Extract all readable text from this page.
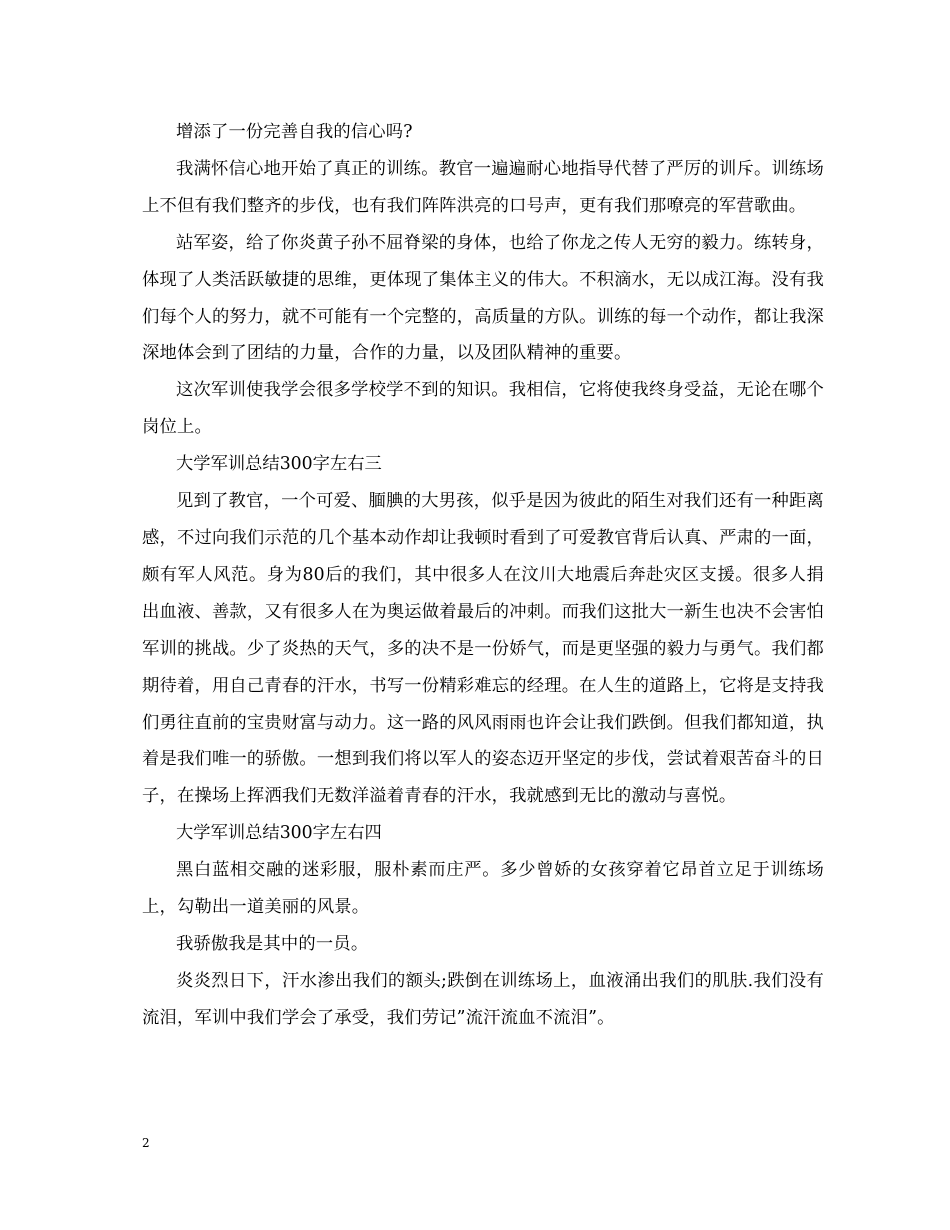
增添了一份完善自我的信心吗?

我满怀信心地开始了真正的训练。教官一遍遍耐心地指导代替了严厉的训斥。训练场上不但有我们整齐的步伐，也有我们阵阵洪亮的口号声，更有我们那嘹亮的军营歌曲。

站军姿，给了你炎黄子孙不屈脊梁的身体，也给了你龙之传人无穷的毅力。练转身，体现了人类活跃敏捷的思维，更体现了集体主义的伟大。不积滴水，无以成江海。没有我们每个人的努力，就不可能有一个完整的，高质量的方队。训练的每一个动作，都让我深深地体会到了团结的力量，合作的力量，以及团队精神的重要。

这次军训使我学会很多学校学不到的知识。我相信，它将使我终身受益，无论在哪个岗位上。

大学军训总结300字左右三

见到了教官，一个可爱、腼腆的大男孩，似乎是因为彼此的陌生对我们还有一种距离感，不过向我们示范的几个基本动作却让我顿时看到了可爱教官背后认真、严肃的一面，颇有军人风范。身为80后的我们，其中很多人在汶川大地震后奔赴灾区支援。很多人捐出血液、善款，又有很多人在为奥运做着最后的冲刺。而我们这批大一新生也决不会害怕军训的挑战。少了炎热的天气，多的决不是一份娇气，而是更坚强的毅力与勇气。我们都期待着，用自己青春的汗水，书写一份精彩难忘的经理。在人生的道路上，它将是支持我们勇往直前的宝贵财富与动力。这一路的风风雨雨也许会让我们跌倒。但我们都知道，执着是我们唯一的骄傲。一想到我们将以军人的姿态迈开坚定的步伐，尝试着艰苦奋斗的日子，在操场上挥洒我们无数洋溢着青春的汗水，我就感到无比的激动与喜悦。

大学军训总结300字左右四

黑白蓝相交融的迷彩服，服朴素而庄严。多少曾娇的女孩穿着它昂首立足于训练场上，勾勒出一道美丽的风景。

我骄傲我是其中的一员。

炎炎烈日下，汗水渗出我们的额头;跌倒在训练场上，血液涌出我们的肌肤.我们没有流泪，军训中我们学会了承受，我们劳记”流汗流血不流泪”。

2
